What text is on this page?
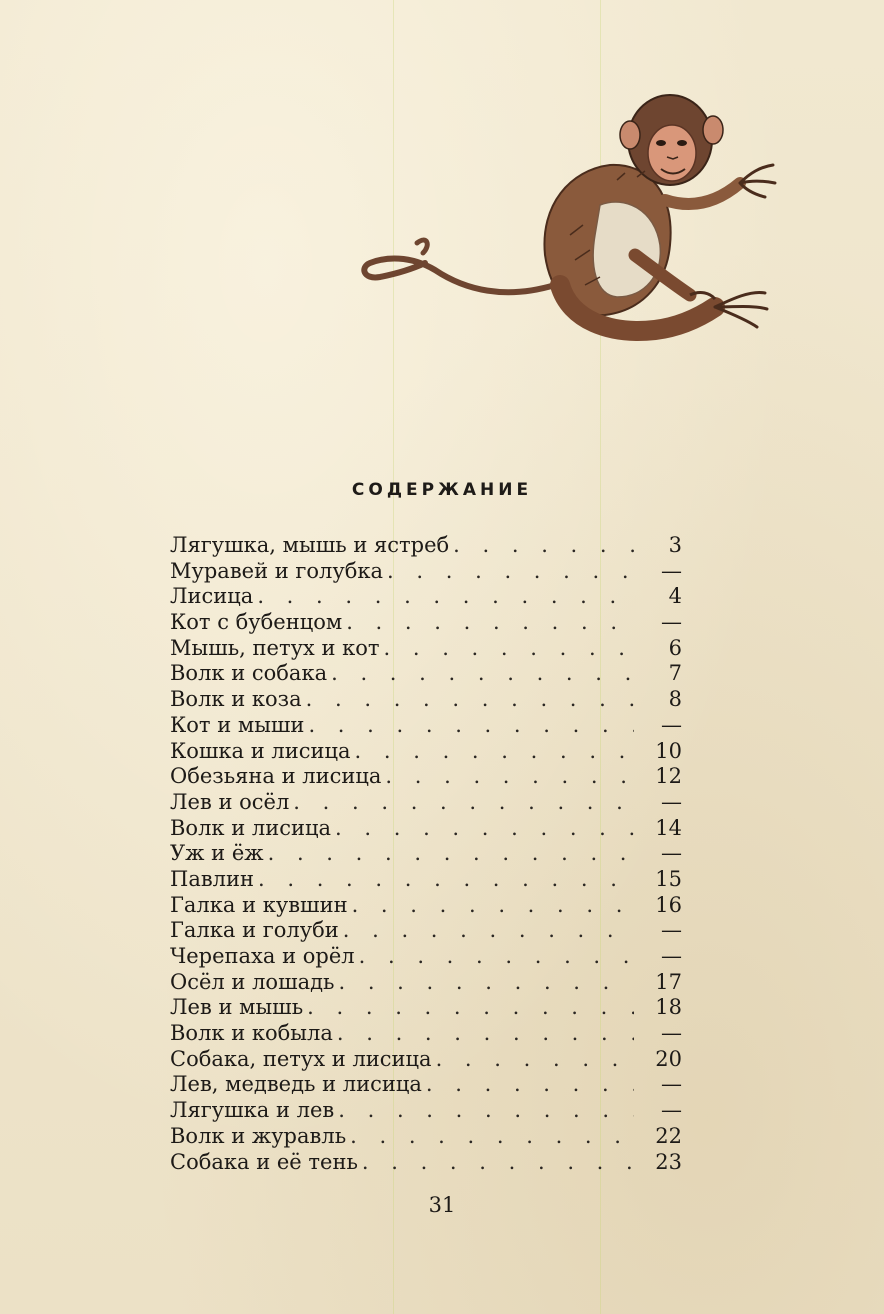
СОДЕРЖАНИЕ
Лягушка, мышь и ястреб . . .	3
Муравей и голубка . . .	—
Лисица . . .	4
Кот с бубенцом . . .	—
Мышь, петух и кот . . .	6
Волк и собака . . .	7
Волк и коза . . .	8
Кот и мыши . . .	—
Кошка и лисица . . .	10
Обезьяна и лисица . . .	12
Лев и осёл . . .	—
Волк и лисица . . .	14
Уж и ёж . . .	—
Павлин . . .	15
Галка и кувшин . . .	16
Галка и голуби . . .	—
Черепаха и орёл . . .	—
Осёл и лошадь . . .	17
Лев и мышь . . .	18
Волк и кобыла . . .	—
Собака, петух и лисица . . .	20
Лев, медведь и лисица . . .	—
Лягушка и лев . . .	—
Волк и журавль . . .	22
Собака и её тень . . .	23
31
